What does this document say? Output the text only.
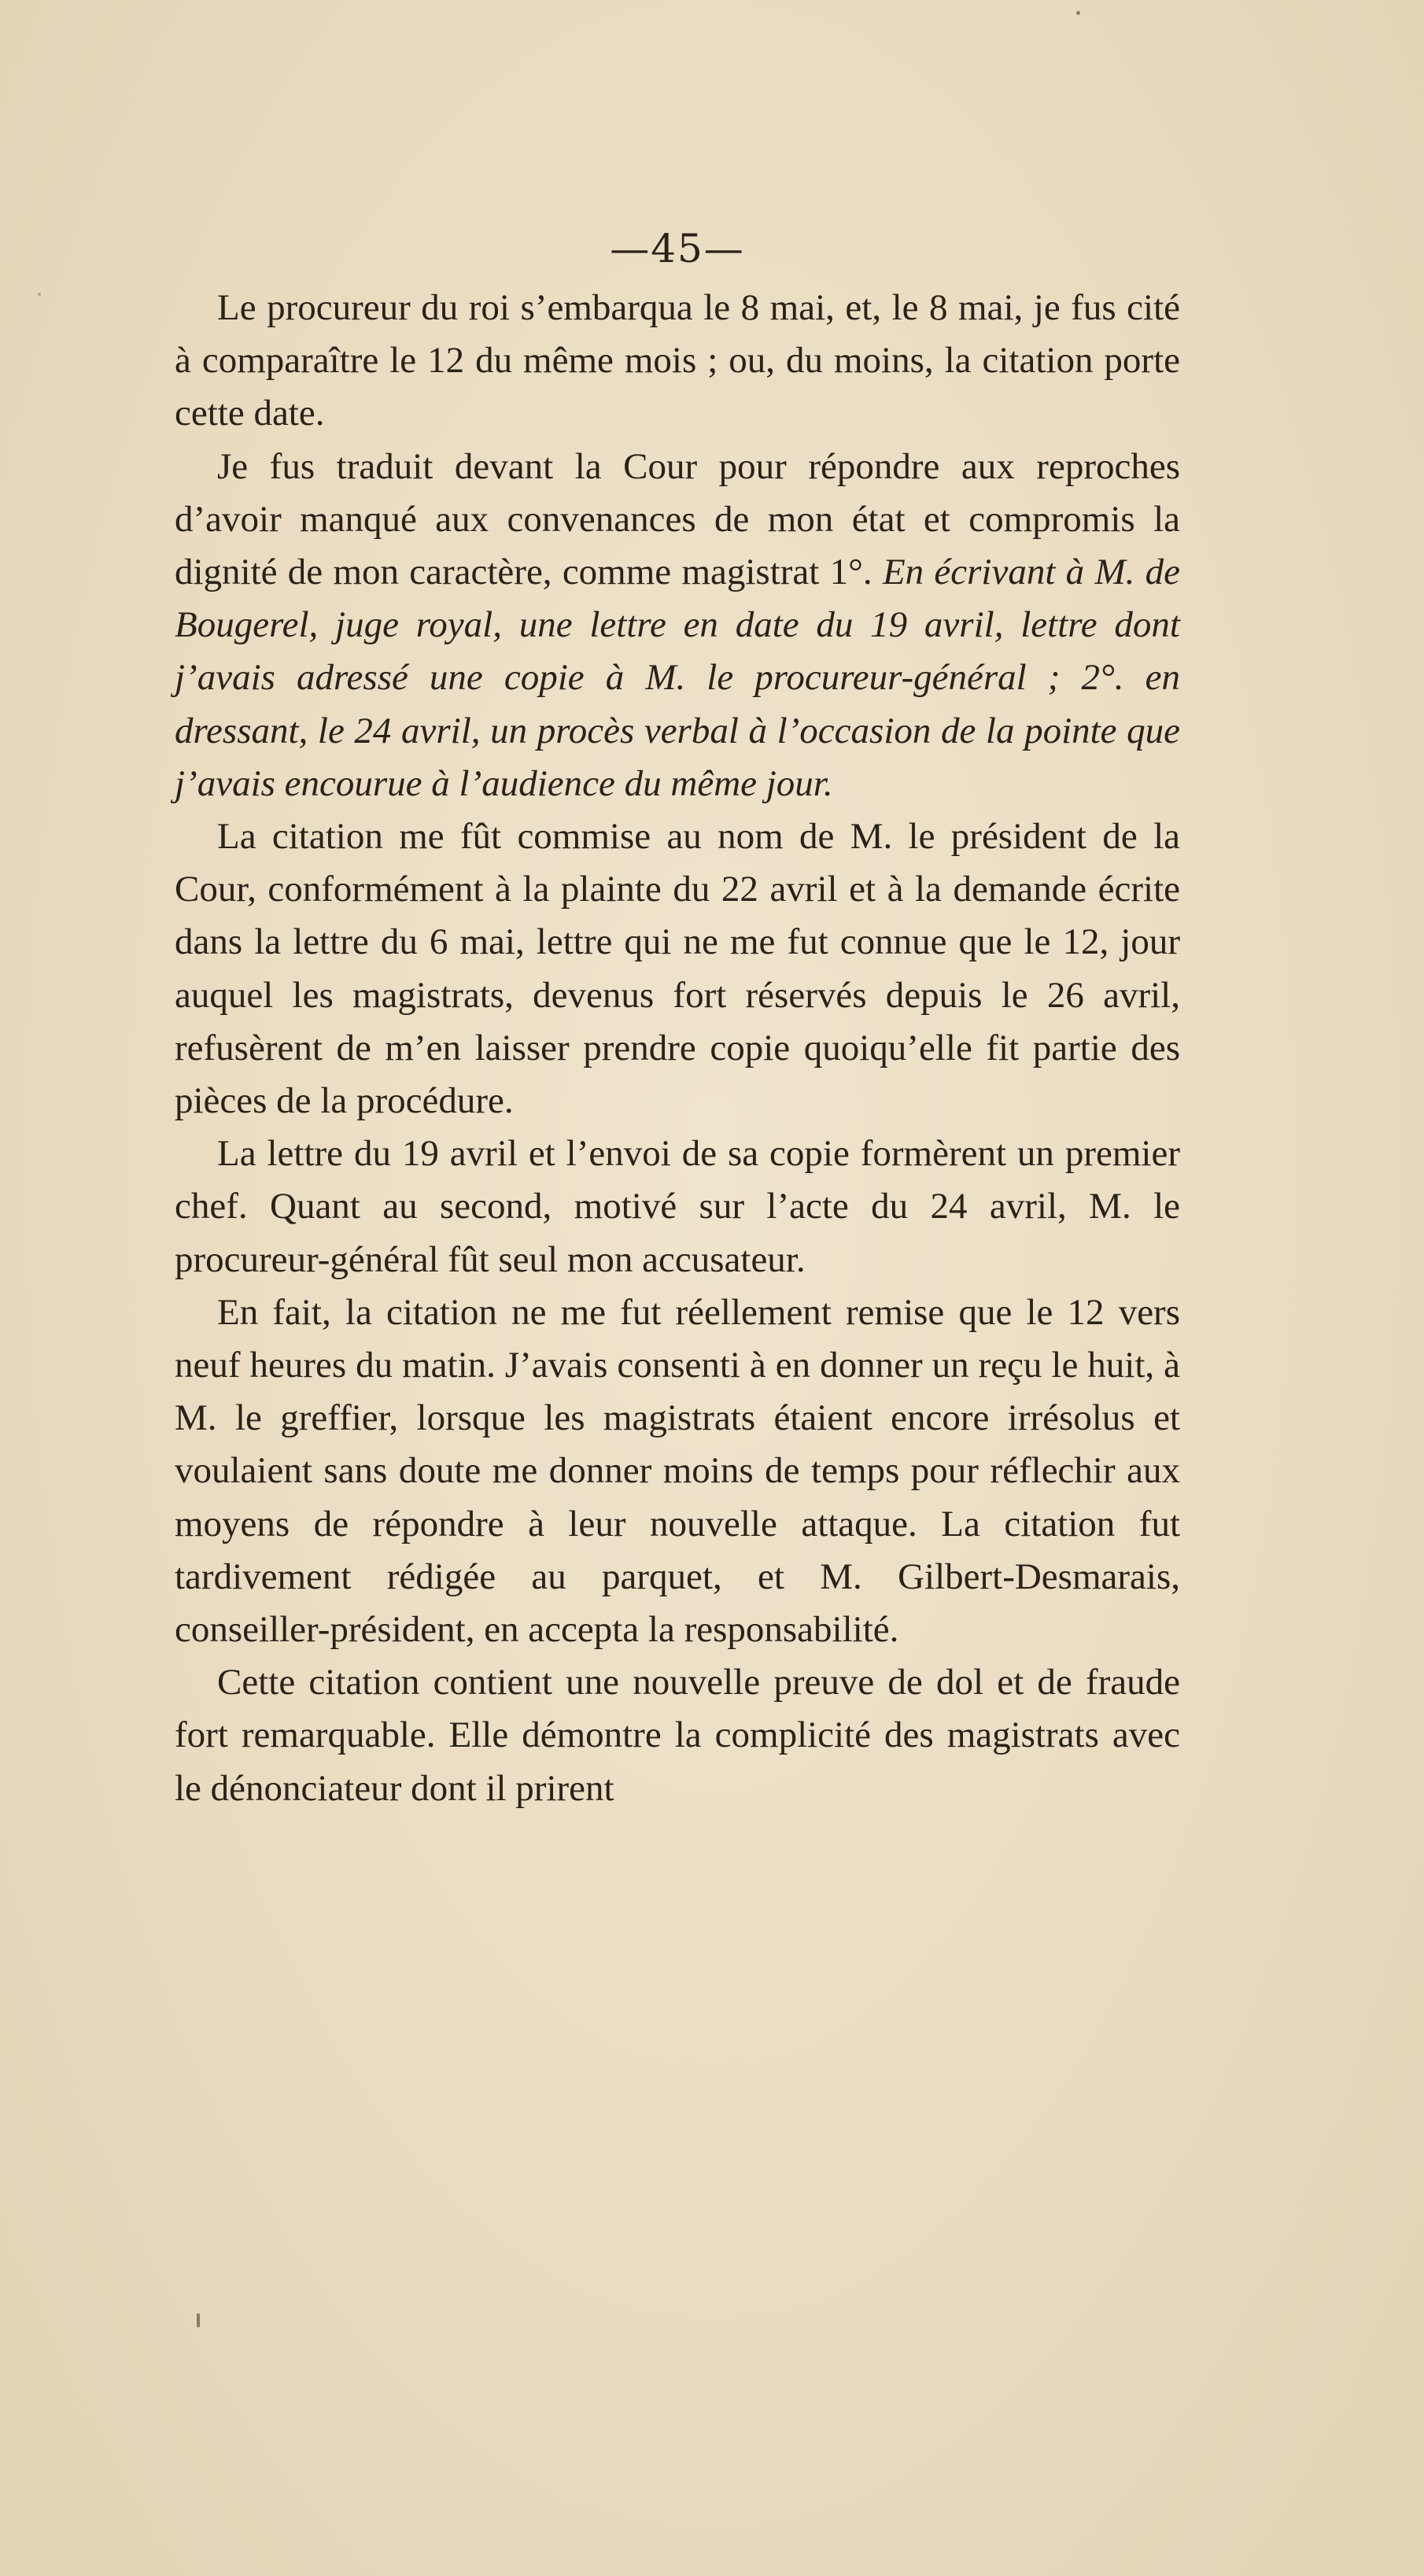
—45—

Le procureur du roi s’embarqua le 8 mai, et, le 8 mai, je fus cité à comparaître le 12 du même mois ; ou, du moins, la citation porte cette date.

Je fus traduit devant la Cour pour répondre aux reproches d’avoir manqué aux convenances de mon état et compromis la dignité de mon caractère, comme magistrat 1°. En écrivant à M. de Bougerel, juge royal, une lettre en date du 19 avril, lettre dont j’avais adressé une copie à M. le procureur-général ; 2°. en dressant, le 24 avril, un procès verbal à l’occasion de la pointe que j’avais encourue à l’audience du même jour.

La citation me fût commise au nom de M. le président de la Cour, conformément à la plainte du 22 avril et à la demande écrite dans la lettre du 6 mai, lettre qui ne me fut connue que le 12, jour auquel les magistrats, devenus fort réservés depuis le 26 avril, refusèrent de m’en laisser prendre copie quoiqu’elle fit partie des pièces de la procédure.

La lettre du 19 avril et l’envoi de sa copie formèrent un premier chef. Quant au second, motivé sur l’acte du 24 avril, M. le procureur-général fût seul mon accusateur.

En fait, la citation ne me fut réellement remise que le 12 vers neuf heures du matin. J’avais consenti à en donner un reçu le huit, à M. le greffier, lorsque les magistrats étaient encore irrésolus et voulaient sans doute me donner moins de temps pour réflechir aux moyens de répondre à leur nouvelle attaque. La citation fut tardivement rédigée au parquet, et M. Gilbert-Desmarais, conseiller-président, en accepta la responsabilité.

Cette citation contient une nouvelle preuve de dol et de fraude fort remarquable. Elle démontre la complicité des magistrats avec le dénonciateur dont il prirent
